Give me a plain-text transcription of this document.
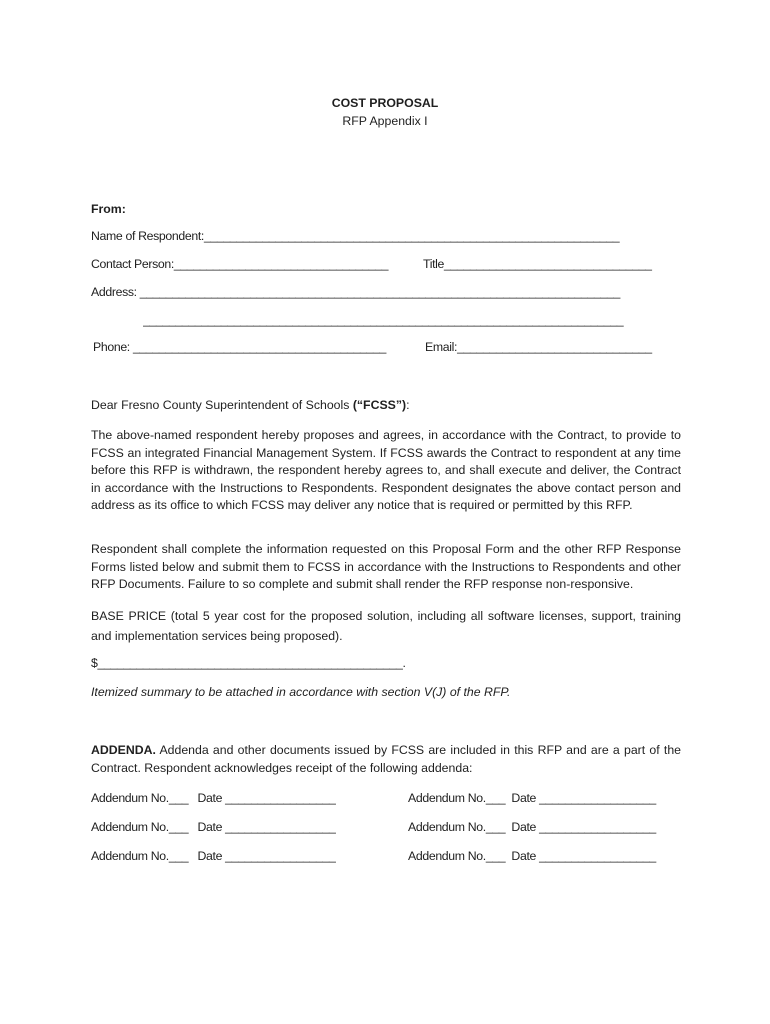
COST PROPOSAL
RFP Appendix I
From:
Name of Respondent:________________________________________________________________
Contact Person:_________________________________	Title________________________________
Address: __________________________________________________________________________
__________________________________________________________________________
Phone: _______________________________________	Email:______________________________
Dear Fresno County Superintendent of Schools (“FCSS”):
The above-named respondent hereby proposes and agrees, in accordance with the Contract, to provide to FCSS an integrated Financial Management System. If FCSS awards the Contract to respondent at any time before this RFP is withdrawn, the respondent hereby agrees to, and shall execute and deliver, the Contract in accordance with the Instructions to Respondents. Respondent designates the above contact person and address as its office to which FCSS may deliver any notice that is required or permitted by this RFP.
Respondent shall complete the information requested on this Proposal Form and the other RFP Response Forms listed below and submit them to FCSS in accordance with the Instructions to Respondents and other RFP Documents. Failure to so complete and submit shall render the RFP response non-responsive.
BASE PRICE (total 5 year cost for the proposed solution, including all software licenses, support, training and implementation services being proposed).
$_______________________________________________.
Itemized summary to be attached in accordance with section V(J) of the RFP.
ADDENDA. Addenda and other documents issued by FCSS are included in this RFP and are a part of the Contract. Respondent acknowledges receipt of the following addenda:
Addendum No.___   Date _________________	Addendum No.___  Date __________________
Addendum No.___   Date _________________	Addendum No.___  Date __________________
Addendum No.___   Date _________________	Addendum No.___  Date __________________
